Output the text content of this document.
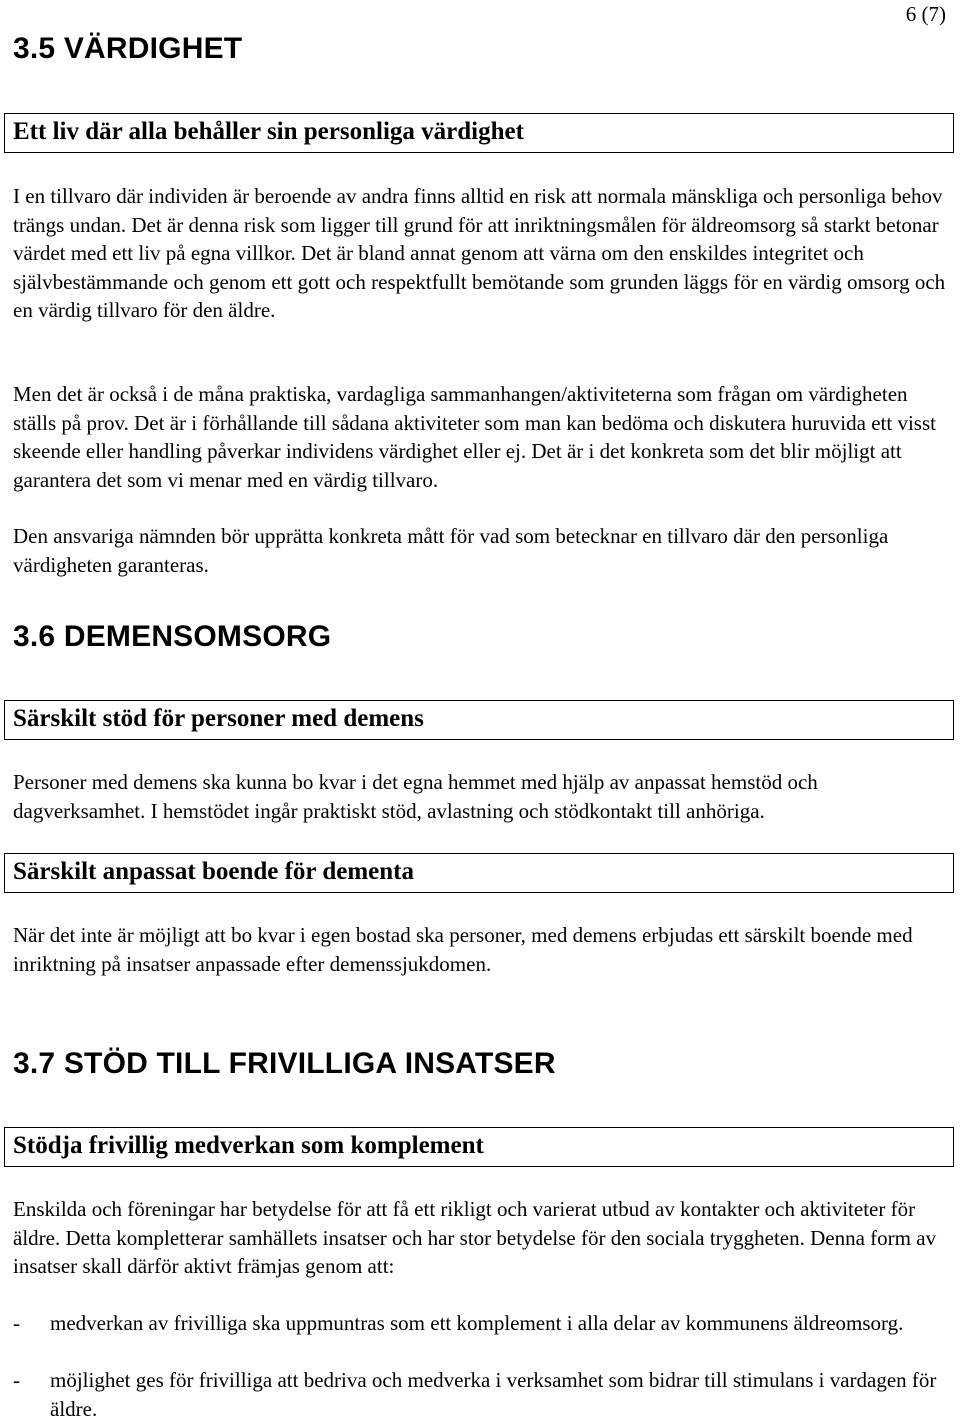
6 (7)
3.5 VÄRDIGHET
Ett liv där alla behåller sin personliga värdighet

I en tillvaro där individen är beroende av andra finns alltid en risk att normala mänskliga och personliga behov trängs undan. Det är denna risk som ligger till grund för att inriktningsmålen för äldreomsorg så starkt betonar värdet med ett liv på egna villkor. Det är bland annat genom att värna om den enskildes integritet och självbestämmande och genom ett gott och respektfullt bemötande som grunden läggs för en värdig omsorg och en värdig tillvaro för den äldre.

Men det är också i de måna praktiska, vardagliga sammanhangen/aktiviteterna som frågan om värdigheten ställs på prov. Det är i förhållande till sådana aktiviteter som man kan bedöma och diskutera huruvida ett visst skeende eller handling påverkar individens värdighet eller ej. Det är i det konkreta som det blir möjligt att garantera det som vi menar med en värdig tillvaro.

Den ansvariga nämnden bör upprätta konkreta mått för vad som betecknar en tillvaro där den personliga värdigheten garanteras.

3.6 DEMENSOMSORG
Särskilt stöd för personer med demens

Personer med demens ska kunna bo kvar i det egna hemmet med hjälp av anpassat hemstöd och dagverksamhet. I hemstödet ingår praktiskt stöd, avlastning och stödkontakt till anhöriga.

Särskilt anpassat boende för dementa

När det inte är möjligt att bo kvar i egen bostad ska personer, med demens erbjudas ett särskilt boende med inriktning på insatser anpassade efter demenssjukdomen.

3.7 STÖD TILL FRIVILLIGA INSATSER
Stödja frivillig medverkan som komplement

Enskilda och föreningar har betydelse för att få ett rikligt och varierat utbud av kontakter och aktiviteter för äldre. Detta kompletterar samhällets insatser och har stor betydelse för den sociala tryggheten. Denna form av insatser skall därför aktivt främjas genom att:

- medverkan av frivilliga ska uppmuntras som ett komplement i alla delar av kommunens äldreomsorg.
- möjlighet ges för frivilliga att bedriva och medverka i verksamhet som bidrar till stimulans i vardagen för äldre.
